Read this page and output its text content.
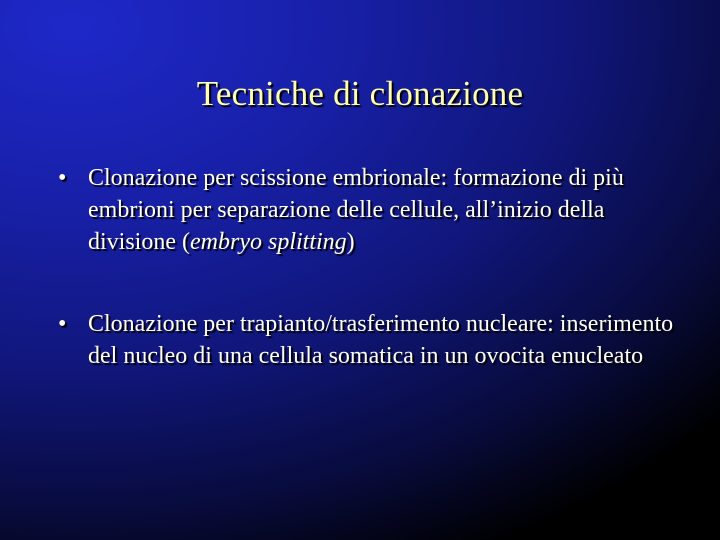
Tecniche di clonazione
• Clonazione per scissione embrionale: formazione di più embrioni per separazione delle cellule, all’inizio della divisione (embryo splitting)
• Clonazione per trapianto/trasferimento nucleare: inserimento del nucleo di una cellula somatica in un ovocita enucleato
